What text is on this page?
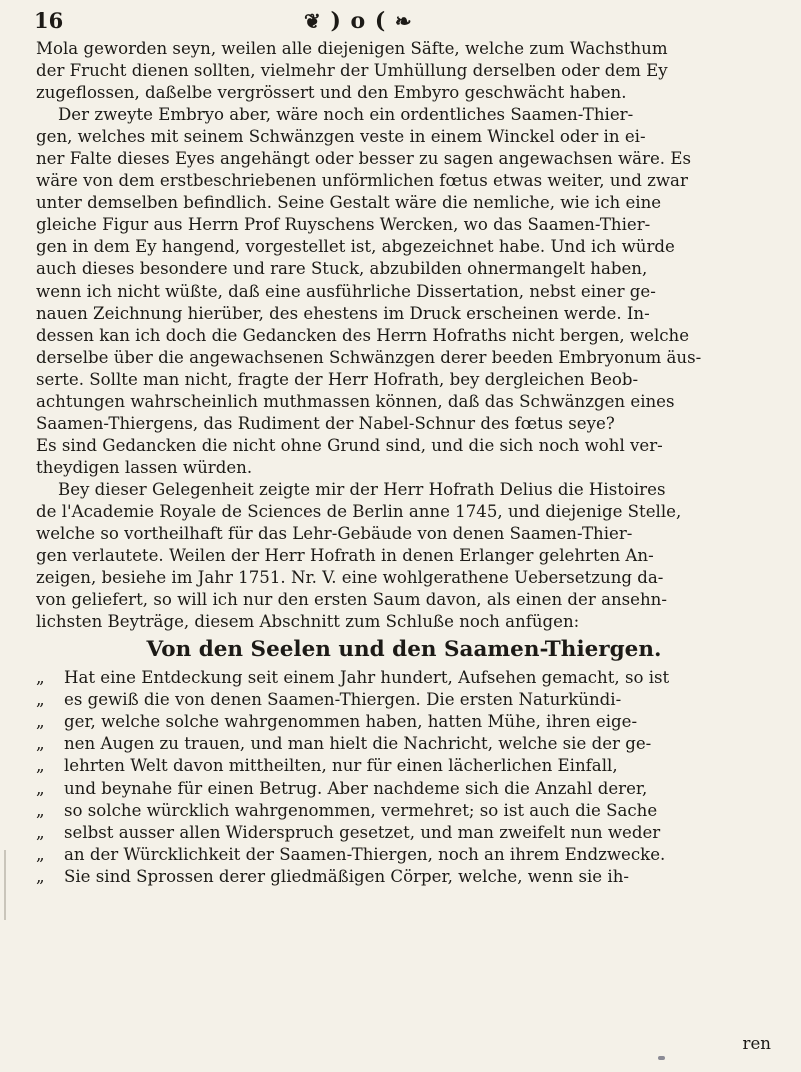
16	❦ ) o ( ❧

Mola geworden seyn, weilen alle diejenigen Säfte, welche zum Wachsthum

der Frucht dienen sollten, vielmehr der Umhüllung derselben oder dem Ey

zugeflossen, daßelbe vergrössert und den Embyro geschwächt haben.

Der zweyte Embryo aber, wäre noch ein ordentliches Saamen-Thier-

gen, welches mit seinem Schwänzgen veste in einem Winckel oder in ei-

ner Falte dieses Eyes angehängt oder besser zu sagen angewachsen wäre. Es

wäre von dem erstbeschriebenen unförmlichen fœtus etwas weiter, und zwar

unter demselben befindlich. Seine Gestalt wäre die nemliche, wie ich eine

gleiche Figur aus Herrn Prof Ruyschens Wercken, wo das Saamen-Thier-

gen in dem Ey hangend, vorgestellet ist, abgezeichnet habe. Und ich würde

auch dieses besondere und rare Stuck, abzubilden ohnermangelt haben,

wenn ich nicht wüßte, daß eine ausführliche Dissertation, nebst einer ge-

nauen Zeichnung hierüber, des ehestens im Druck erscheinen werde. In-

dessen kan ich doch die Gedancken des Herrn Hofraths nicht bergen, welche

derselbe über die angewachsenen Schwänzgen derer beeden Embryonum äus-

serte. Sollte man nicht, fragte der Herr Hofrath, bey dergleichen Beob-

achtungen wahrscheinlich muthmassen können, daß das Schwänzgen eines

Saamen-Thiergens, das Rudiment der Nabel-Schnur des fœtus seye?

Es sind Gedancken die nicht ohne Grund sind, und die sich noch wohl ver-

theydigen lassen würden.

Bey dieser Gelegenheit zeigte mir der Herr Hofrath Delius die Histoires

de l'Academie Royale de Sciences de Berlin anne 1745, und diejenige Stelle,

welche so vortheilhaft für das Lehr-Gebäude von denen Saamen-Thier-

gen verlautete. Weilen der Herr Hofrath in denen Erlanger gelehrten An-

zeigen, besiehe im Jahr 1751. Nr. V. eine wohlgerathene Uebersetzung da-

von geliefert, so will ich nur den ersten Saum davon, als einen der ansehn-

lichsten Beyträge, diesem Abschnitt zum Schluße noch anfügen:

Von den Seelen und den Saamen-Thiergen.

„ Hat eine Entdeckung seit einem Jahr hundert, Aufsehen gemacht, so ist

„ es gewiß die von denen Saamen-Thiergen. Die ersten Naturkündi-

„ ger, welche solche wahrgenommen haben, hatten Mühe, ihren eige-

„ nen Augen zu trauen, und man hielt die Nachricht, welche sie der ge-

„ lehrten Welt davon mittheilten, nur für einen lächerlichen Einfall,

„ und beynahe für einen Betrug. Aber nachdeme sich die Anzahl derer,

„ so solche würcklich wahrgenommen, vermehret; so ist auch die Sache

„ selbst ausser allen Widerspruch gesetzet, und man zweifelt nun weder

„ an der Würcklichkeit der Saamen-Thiergen, noch an ihrem Endzwecke.

„ Sie sind Sprossen derer gliedmäßigen Cörper, welche, wenn sie ih-

ren
